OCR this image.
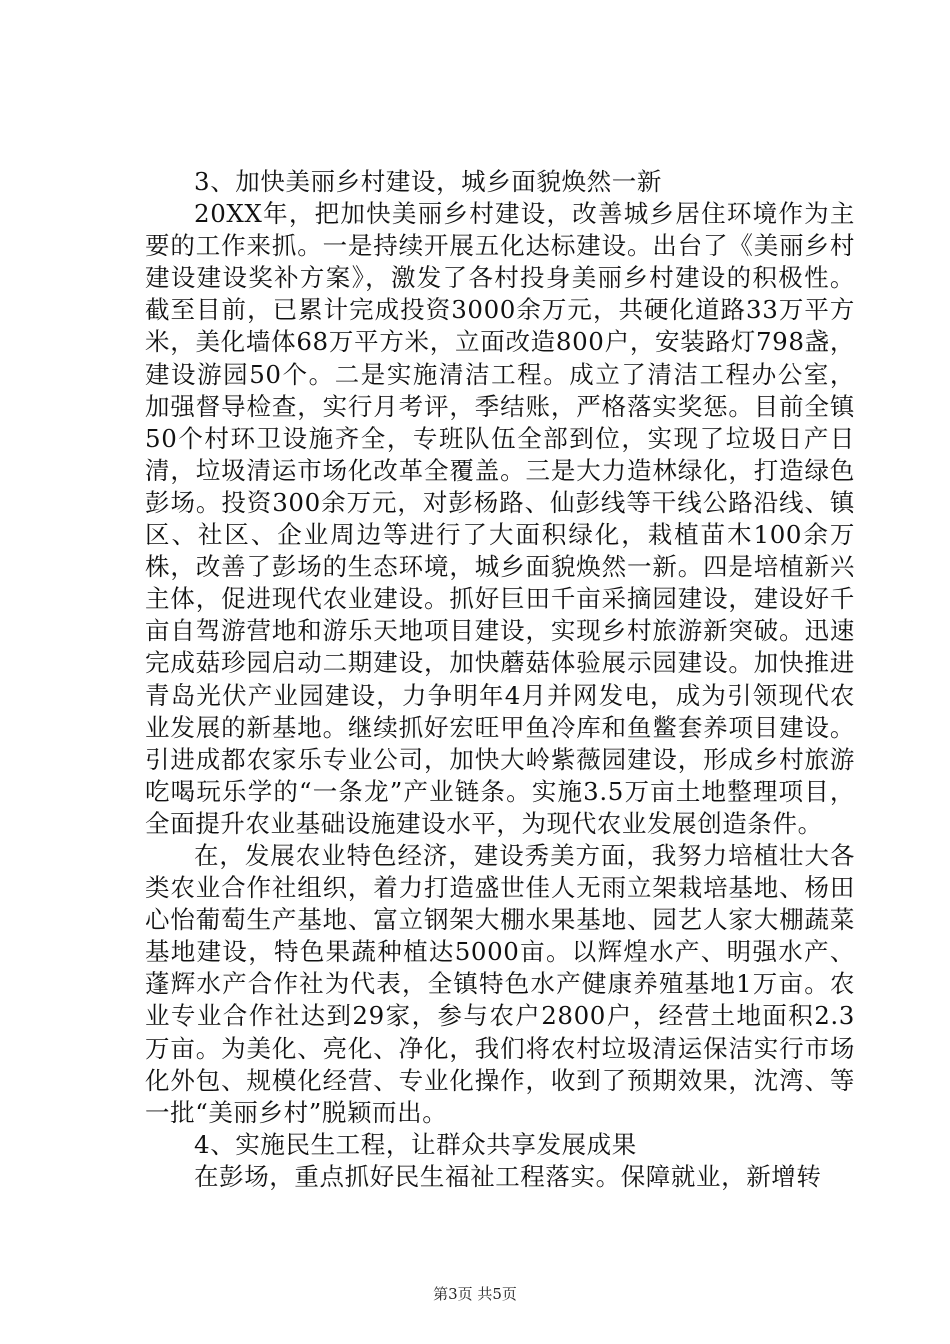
3、加快美丽乡村建设，城乡面貌焕然一新

20XX年，把加快美丽乡村建设，改善城乡居住环境作为主要的工作来抓。一是持续开展五化达标建设。出台了《美丽乡村建设建设奖补方案》，激发了各村投身美丽乡村建设的积极性。截至目前，已累计完成投资3000余万元，共硬化道路33万平方米，美化墙体68万平方米，立面改造800户，安装路灯798盏，建设游园50个。二是实施清洁工程。成立了清洁工程办公室，加强督导检查，实行月考评，季结账，严格落实奖惩。目前全镇50个村环卫设施齐全，专班队伍全部到位，实现了垃圾日产日清，垃圾清运市场化改革全覆盖。三是大力造林绿化，打造绿色彭场。投资300余万元，对彭杨路、仙彭线等干线公路沿线、镇区、社区、企业周边等进行了大面积绿化，栽植苗木100余万株，改善了彭场的生态环境，城乡面貌焕然一新。四是培植新兴主体，促进现代农业建设。抓好巨田千亩采摘园建设，建设好千亩自驾游营地和游乐天地项目建设，实现乡村旅游新突破。迅速完成菇珍园启动二期建设，加快蘑菇体验展示园建设。加快推进青岛光伏产业园建设，力争明年4月并网发电，成为引领现代农业发展的新基地。继续抓好宏旺甲鱼冷库和鱼鳖套养项目建设。引进成都农家乐专业公司，加快大岭紫薇园建设，形成乡村旅游吃喝玩乐学的“一条龙”产业链条。实施3.5万亩土地整理项目，全面提升农业基础设施建设水平，为现代农业发展创造条件。

在，发展农业特色经济，建设秀美方面，我努力培植壮大各类农业合作社组织，着力打造盛世佳人无雨立架栽培基地、杨田心怡葡萄生产基地、富立钢架大棚水果基地、园艺人家大棚蔬菜基地建设，特色果蔬种植达5000亩。以辉煌水产、明强水产、蓬辉水产合作社为代表，全镇特色水产健康养殖基地1万亩。农业专业合作社达到29家，参与农户2800户，经营土地面积2.3万亩。为美化、亮化、净化，我们将农村垃圾清运保洁实行市场化外包、规模化经营、专业化操作，收到了预期效果，沈湾、等一批“美丽乡村”脱颖而出。

4、实施民生工程，让群众共享发展成果

在彭场，重点抓好民生福祉工程落实。保障就业，新增转

第3页 共5页
